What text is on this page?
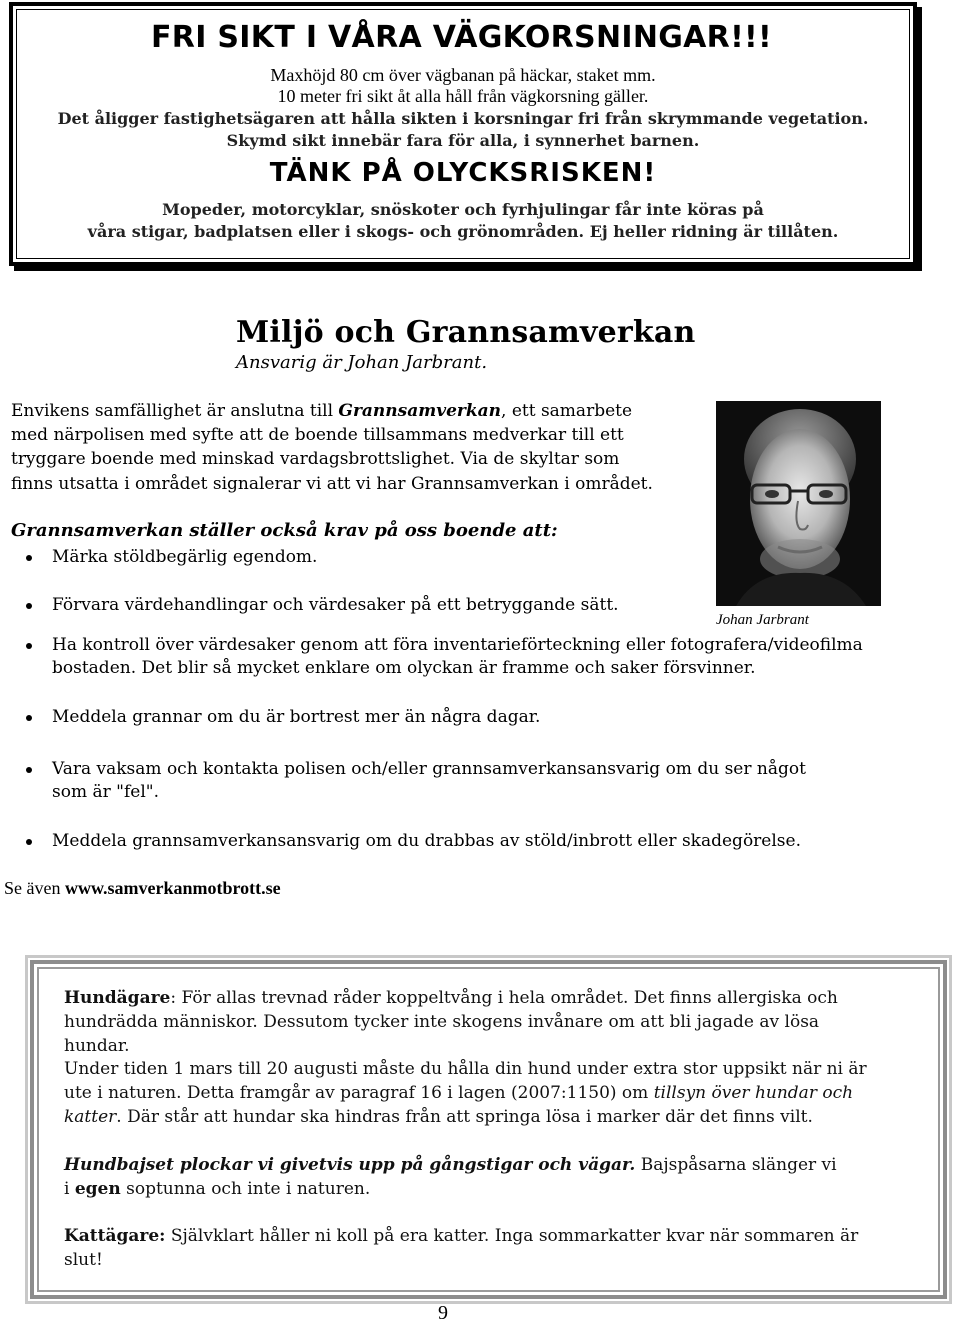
FRI SIKT I VÅRA VÄGKORSNINGAR!!!
Maxhöjd 80 cm över vägbanan på häckar, staket mm.
10 meter fri sikt åt alla håll från vägkorsning gäller.
Det åligger fastighetsägaren att hålla sikten i korsningar fri från skrymmande vegetation.
Skymd sikt innebär fara för alla, i synnerhet barnen.
TÄNK PÅ OLYCKSRISKEN!
Mopeder, motorcyklar, snöskoter och fyrhjulingar får inte köras på
våra stigar, badplatsen eller i skogs- och grönområden. Ej heller ridning är tillåten.
Miljö och Grannsamverkan
Ansvarig är Johan Jarbrant.
Envikens samfällighet är anslutna till Grannsamverkan, ett samarbete
med närpolisen med syfte att de boende tillsammans medverkar till ett
tryggare boende med minskad vardagsbrottslighet. Via de skyltar som
finns utsatta i området signalerar vi att vi har Grannsamverkan i området.
Grannsamverkan ställer också krav på oss boende att:
Johan Jarbrant
Märka stöldbegärlig egendom.
Förvara värdehandlingar och värdesaker på ett betryggande sätt.
Ha kontroll över värdesaker genom att föra inventarieförteckning eller fotografera/videofilma
bostaden. Det blir så mycket enklare om olyckan är framme och saker försvinner.
Meddela grannar om du är bortrest mer än några dagar.
Vara vaksam och kontakta polisen och/eller grannsamverkansansvarig om du ser något
som är "fel".
Meddela grannsamverkansansvarig om du drabbas av stöld/inbrott eller skadegörelse.
Se även www.samverkanmotbrott.se
Hundägare: För allas trevnad råder koppeltvång i hela området. Det finns allergiska och
hundrädda människor. Dessutom tycker inte skogens invånare om att bli jagade av lösa
hundar.
Under tiden 1 mars till 20 augusti måste du hålla din hund under extra stor uppsikt när ni är
ute i naturen. Detta framgår av paragraf 16 i lagen (2007:1150) om tillsyn över hundar och
katter. Där står att hundar ska hindras från att springa lösa i marker där det finns vilt.
Hundbajset plockar vi givetvis upp på gångstigar och vägar. Bajspåsarna slänger vi
i egen soptunna och inte i naturen.
Kattägare: Självklart håller ni koll på era katter. Inga sommarkatter kvar när sommaren är
slut!
9
